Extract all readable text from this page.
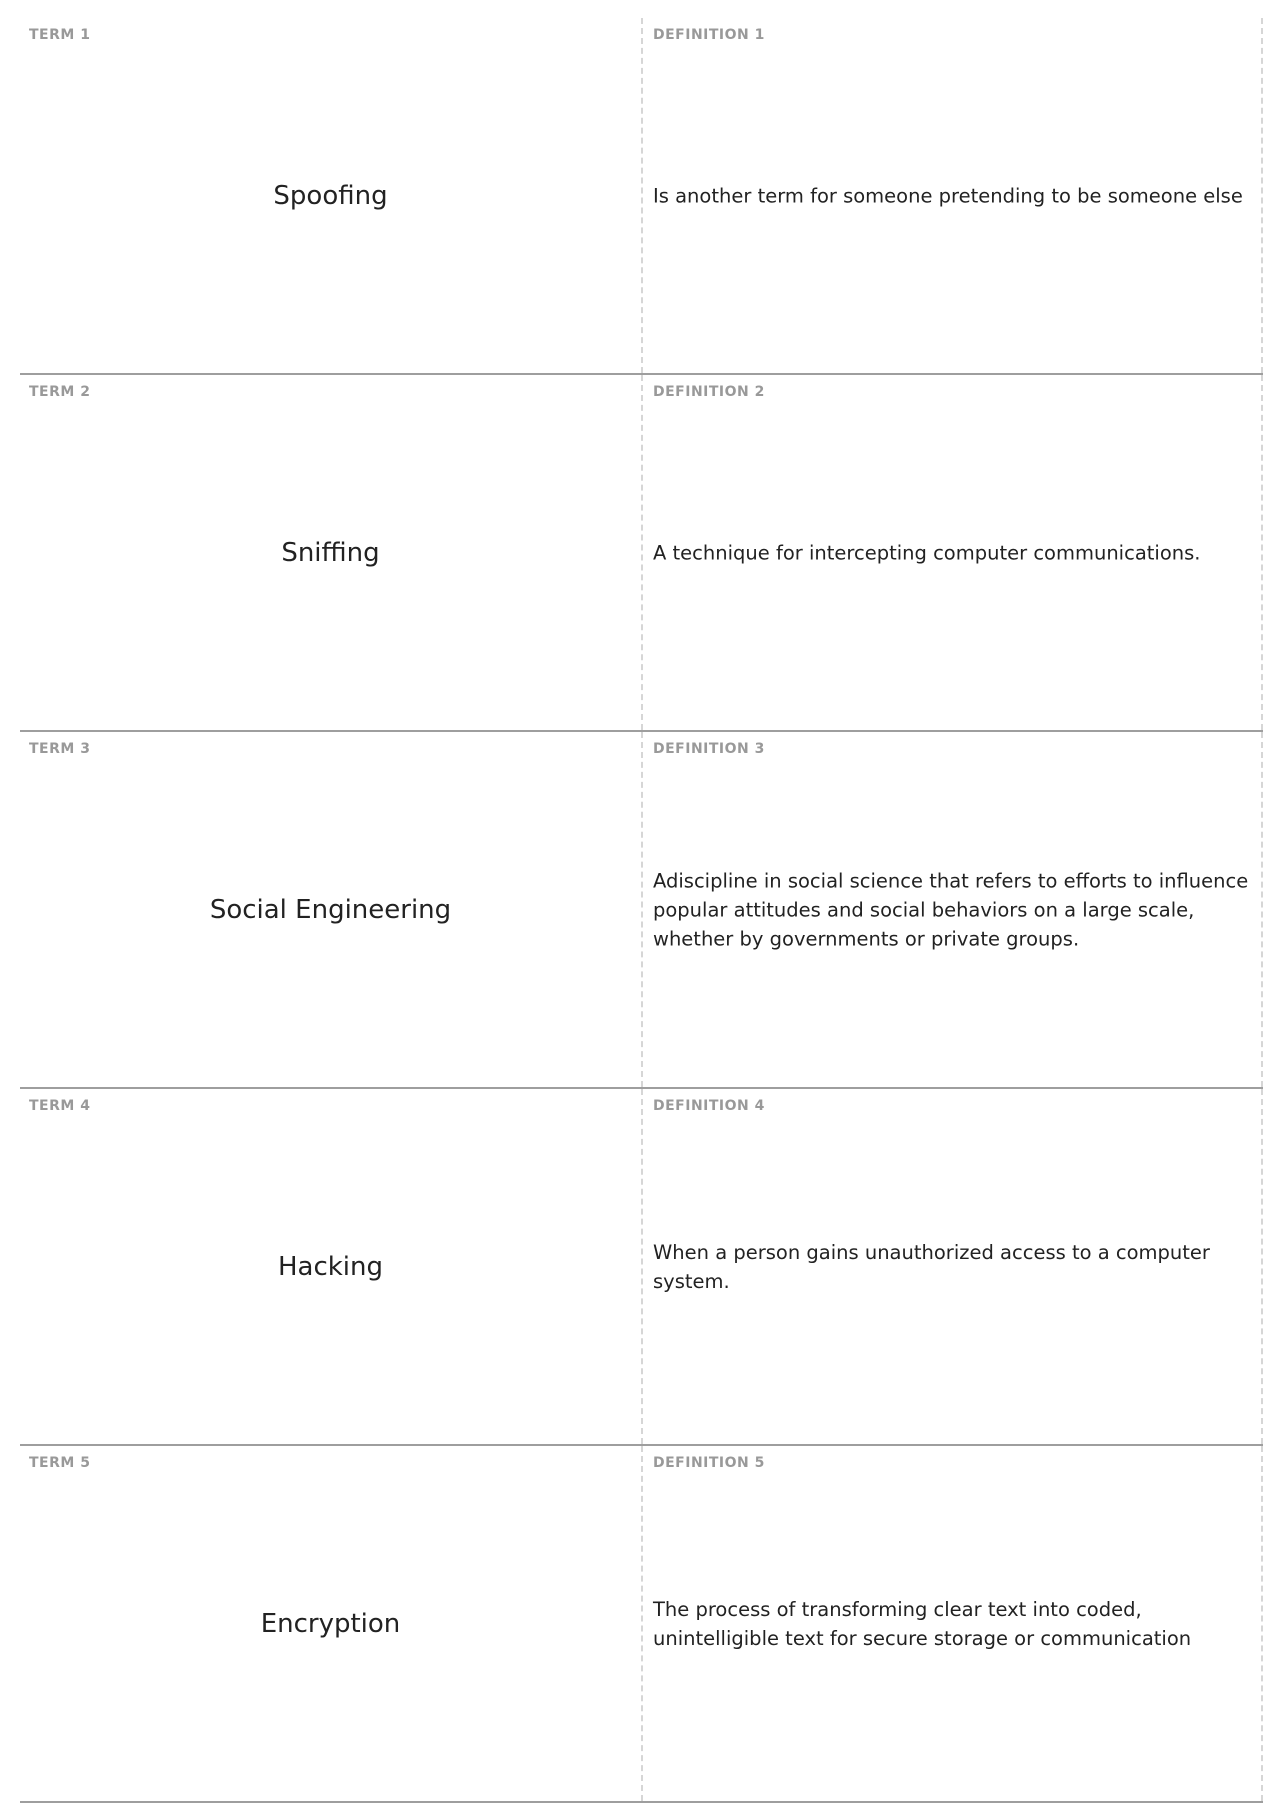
TERM 1
Spoofing
DEFINITION 1
Is another term for someone pretending to be someone else
TERM 2
Sniffing
DEFINITION 2
A technique for intercepting computer communications.
TERM 3
Social Engineering
DEFINITION 3
Adiscipline in social science that refers to efforts to influence popular attitudes and social behaviors on a large scale, whether by governments or private groups.
TERM 4
Hacking
DEFINITION 4
When a person gains unauthorized access to a computer system.
TERM 5
Encryption
DEFINITION 5
The process of transforming clear text into coded, unintelligible text for secure storage or communication
